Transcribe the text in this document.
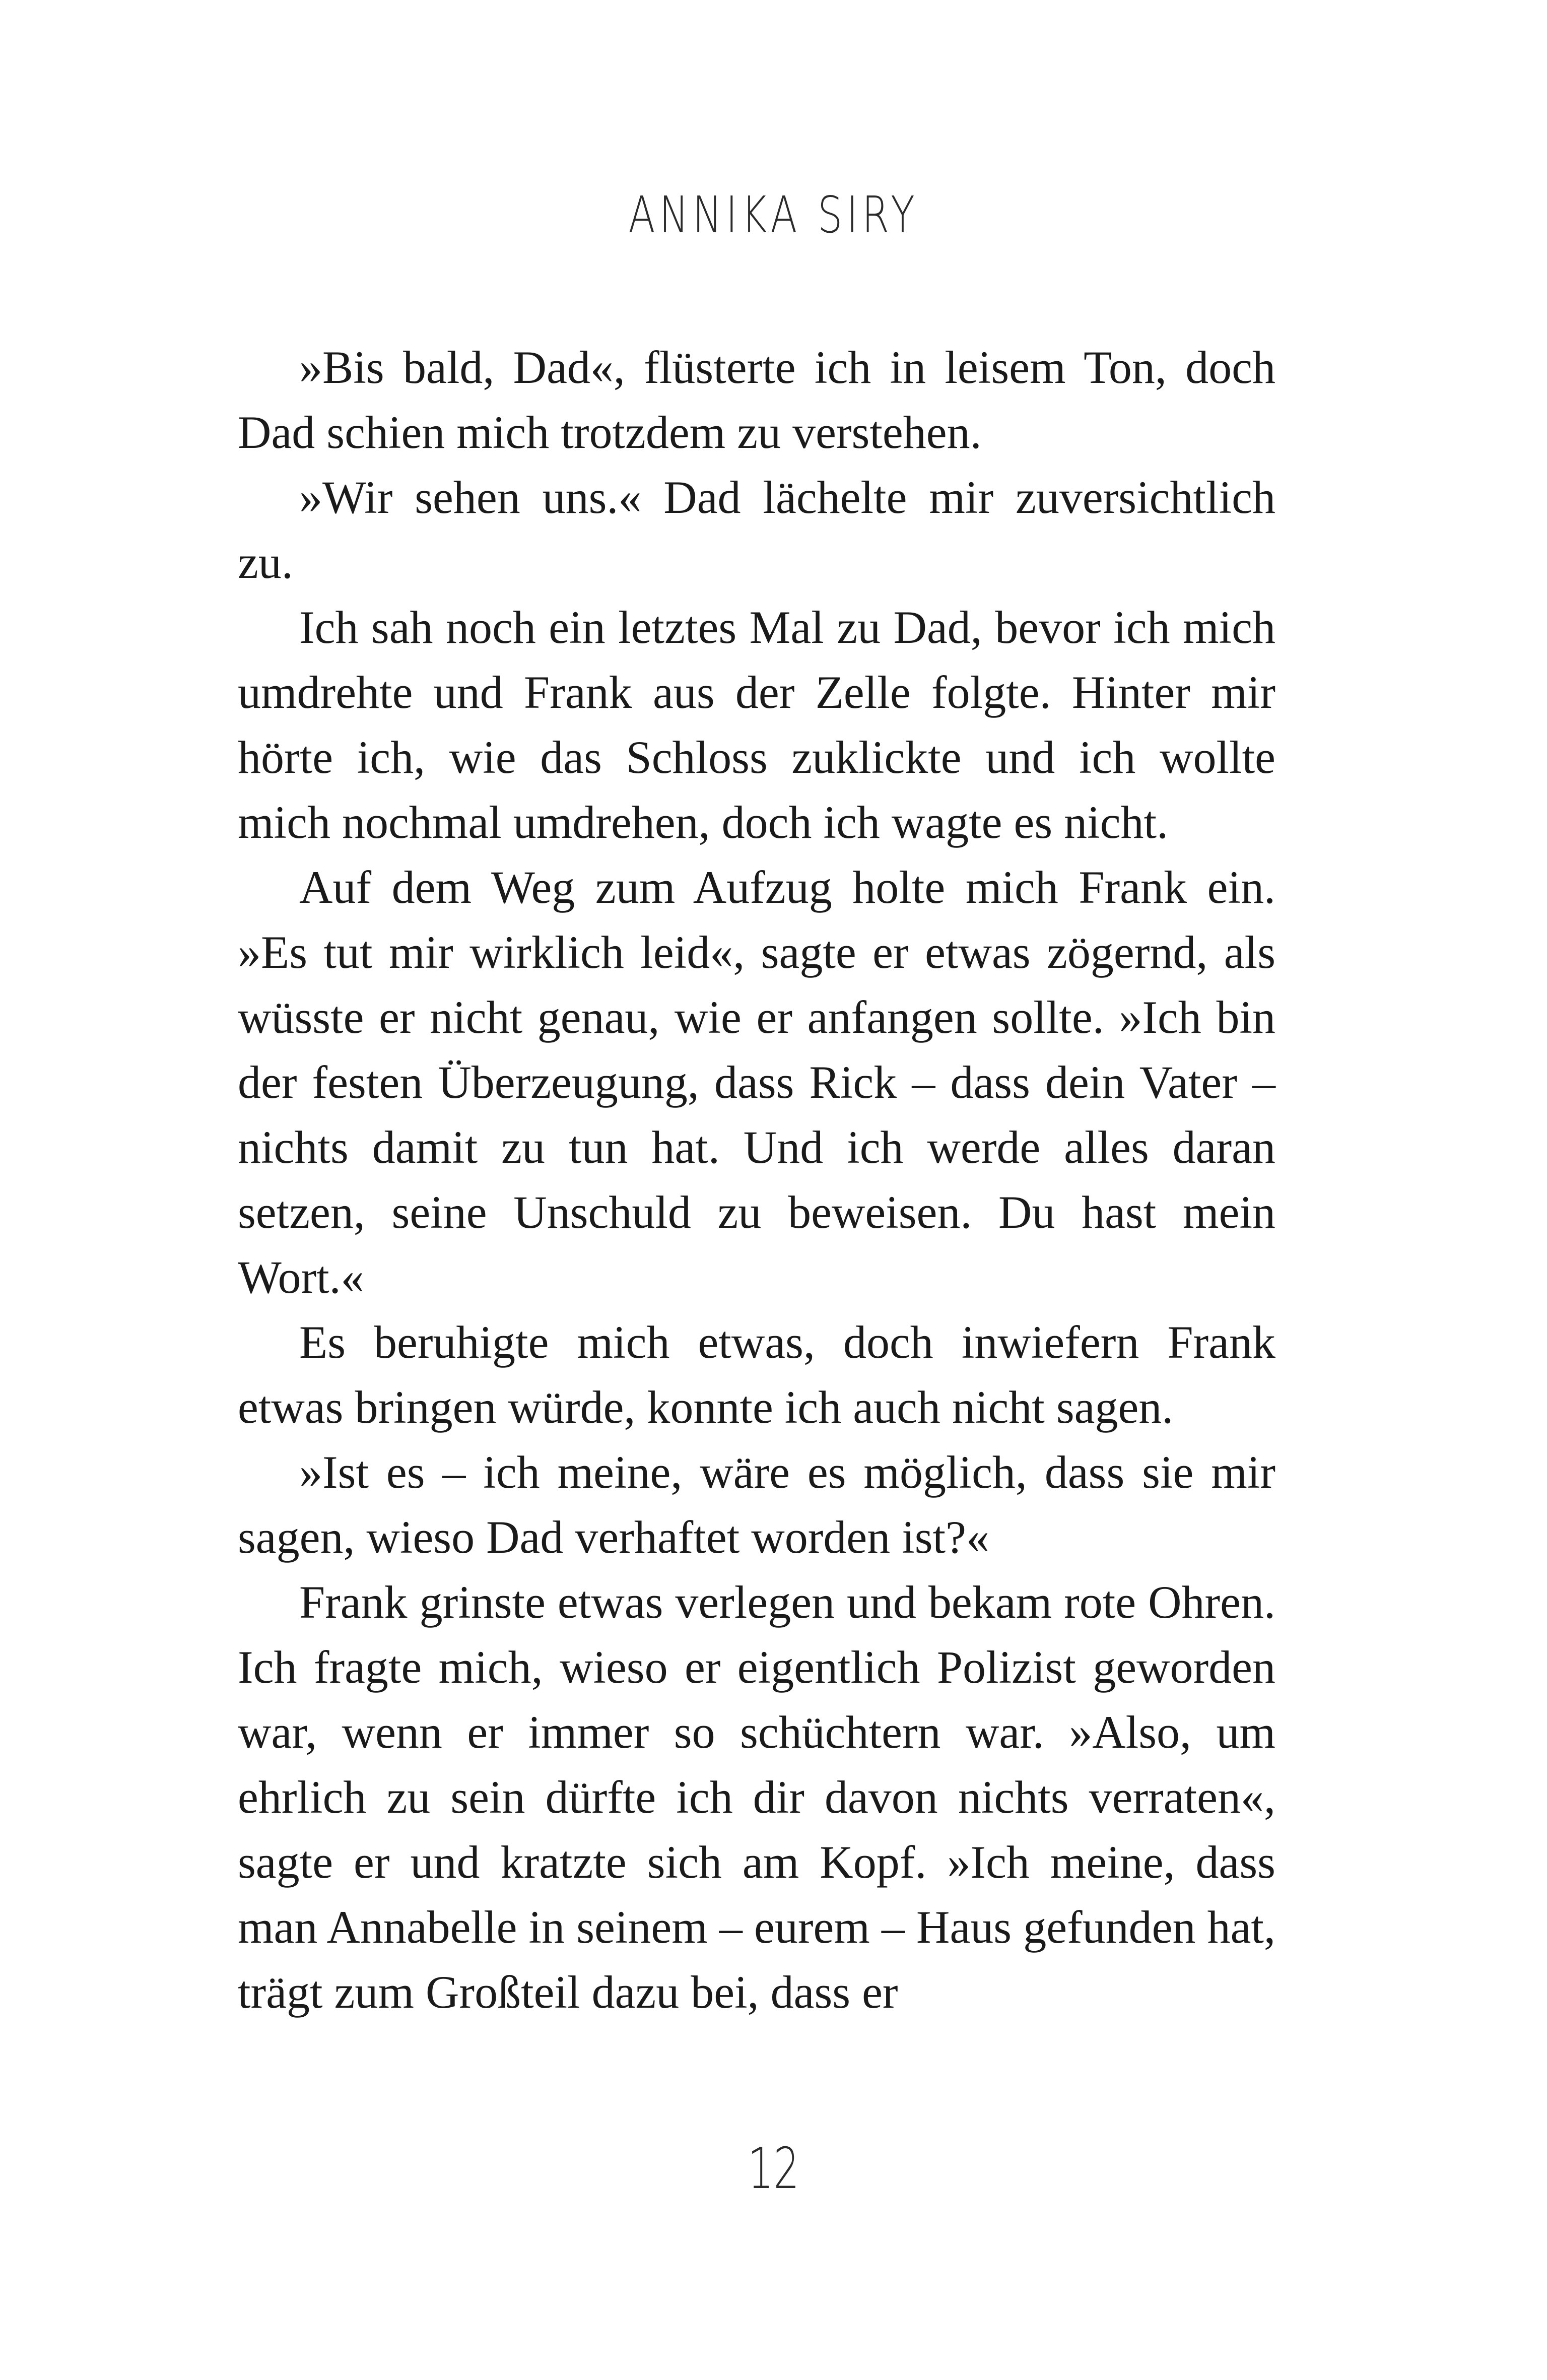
ANNIKA SIRY

»Bis bald, Dad«, flüsterte ich in leisem Ton, doch Dad schien mich trotzdem zu verstehen.

»Wir sehen uns.« Dad lächelte mir zuversichtlich zu.

Ich sah noch ein letztes Mal zu Dad, bevor ich mich umdrehte und Frank aus der Zelle folgte. Hinter mir hörte ich, wie das Schloss zuklickte und ich wollte mich nochmal umdrehen, doch ich wagte es nicht.

Auf dem Weg zum Aufzug holte mich Frank ein. »Es tut mir wirklich leid«, sagte er etwas zögernd, als wüsste er nicht genau, wie er anfangen sollte. »Ich bin der festen Überzeugung, dass Rick – dass dein Vater – nichts damit zu tun hat. Und ich werde alles daran setzen, seine Unschuld zu beweisen. Du hast mein Wort.«

Es beruhigte mich etwas, doch inwiefern Frank etwas bringen würde, konnte ich auch nicht sagen.

»Ist es – ich meine, wäre es möglich, dass sie mir sagen, wieso Dad verhaftet worden ist?«

Frank grinste etwas verlegen und bekam rote Ohren. Ich fragte mich, wieso er eigentlich Polizist geworden war, wenn er immer so schüchtern war. »Also, um ehrlich zu sein dürfte ich dir davon nichts verraten«, sagte er und kratzte sich am Kopf. »Ich meine, dass man Annabelle in seinem – eurem – Haus gefunden hat, trägt zum Großteil dazu bei, dass er

12
